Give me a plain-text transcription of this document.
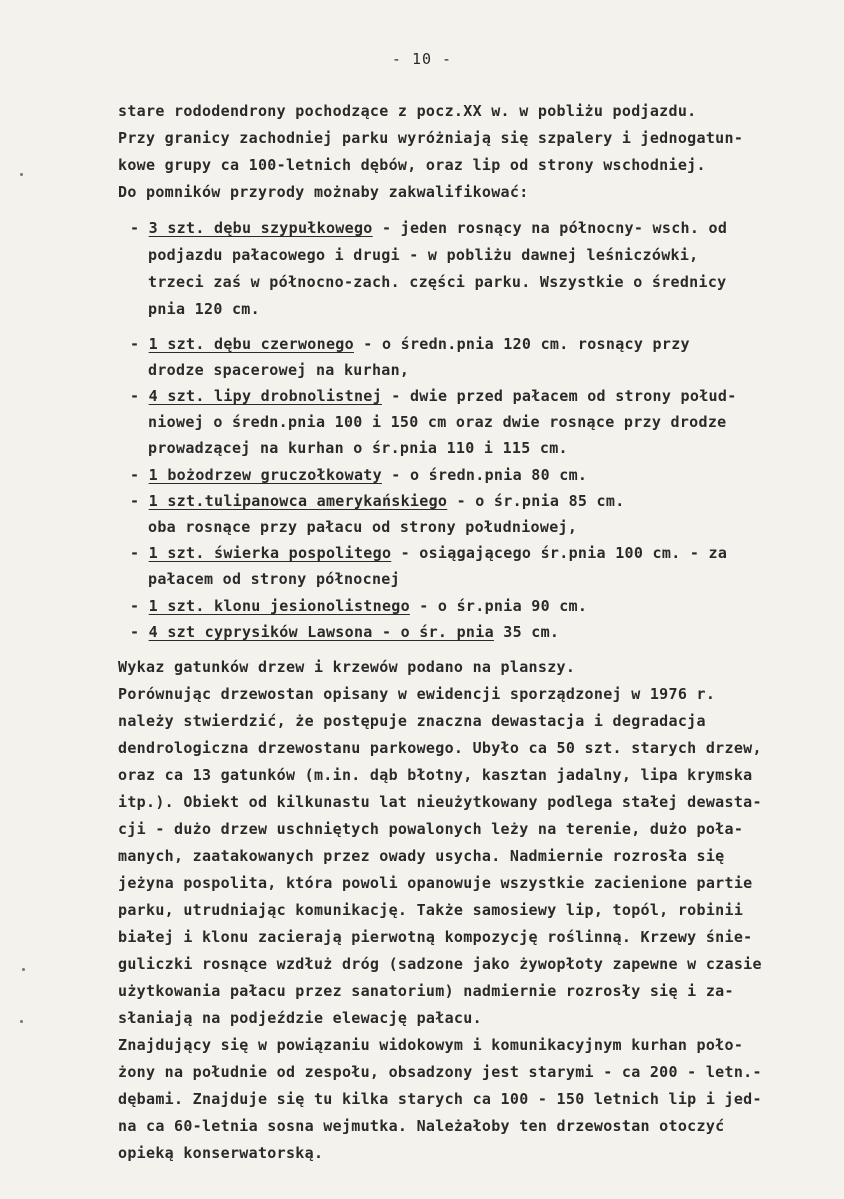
- 10 -
stare rododendrony pochodzące z pocz.XX w. w pobliżu podjazdu.
Przy granicy zachodniej parku wyróżniają się szpalery i jednogatun-
kowe grupy ca 100-letnich dębów, oraz lip od strony wschodniej.
Do pomników przyrody możnaby zakwalifikować:
- 3 szt. dębu szypułkowego - jeden rosnący na północny- wsch. od
podjazdu pałacowego i drugi - w pobliżu dawnej leśniczówki,
trzeci zaś w północno-zach. części parku. Wszystkie o średnicy
pnia 120 cm.
- 1 szt. dębu czerwonego - o średn.pnia 120 cm. rosnący przy
drodze spacerowej na kurhan,
- 4 szt. lipy drobnolistnej - dwie przed pałacem od strony połud-
niowej o średn.pnia 100 i 150 cm oraz dwie rosnące przy drodze
prowadzącej na kurhan o śr.pnia 110 i 115 cm.
- 1 bożodrzew gruczołkowaty - o średn.pnia 80 cm.
- 1 szt.tulipanowca amerykańskiego - o śr.pnia 85 cm.
oba rosnące przy pałacu od strony południowej,
- 1 szt. świerka pospolitego - osiągającego śr.pnia 100 cm. - za
pałacem od strony północnej
- 1 szt. klonu jesionolistnego - o śr.pnia 90 cm.
- 4 szt cyprysików Lawsona - o śr. pnia 35 cm.
Wykaz gatunków drzew i krzewów podano na planszy.
Porównując drzewostan opisany w ewidencji sporządzonej w 1976 r.
należy stwierdzić, że postępuje znaczna dewastacja i degradacja
dendrologiczna drzewostanu parkowego. Ubyło ca 50 szt. starych drzew,
oraz ca 13 gatunków (m.in. dąb błotny, kasztan jadalny, lipa krymska
itp.). Obiekt od kilkunastu lat nieużytkowany podlega stałej dewasta-
cji - dużo drzew uschniętych powalonych leży na terenie, dużo poła-
manych, zaatakowanych przez owady usycha. Nadmiernie rozrosła się
jeżyna pospolita, która powoli opanowuje wszystkie zacienione partie
parku, utrudniając komunikację. Także samosiewy lip, topól, robinii
białej i klonu zacierają pierwotną kompozycję roślinną. Krzewy śnie-
guliczki rosnące wzdłuż dróg (sadzone jako żywopłoty zapewne w czasie
użytkowania pałacu przez sanatorium) nadmiernie rozrosły się i za-
słaniają na podjeździe elewację pałacu.
Znajdujący się w powiązaniu widokowym i komunikacyjnym kurhan poło-
żony na południe od zespołu, obsadzony jest starymi - ca 200 - letn.-
dębami. Znajduje się tu kilka starych ca 100 - 150 letnich lip i jed-
na ca 60-letnia sosna wejmutka. Należałoby ten drzewostan otoczyć
opieką konserwatorską.
